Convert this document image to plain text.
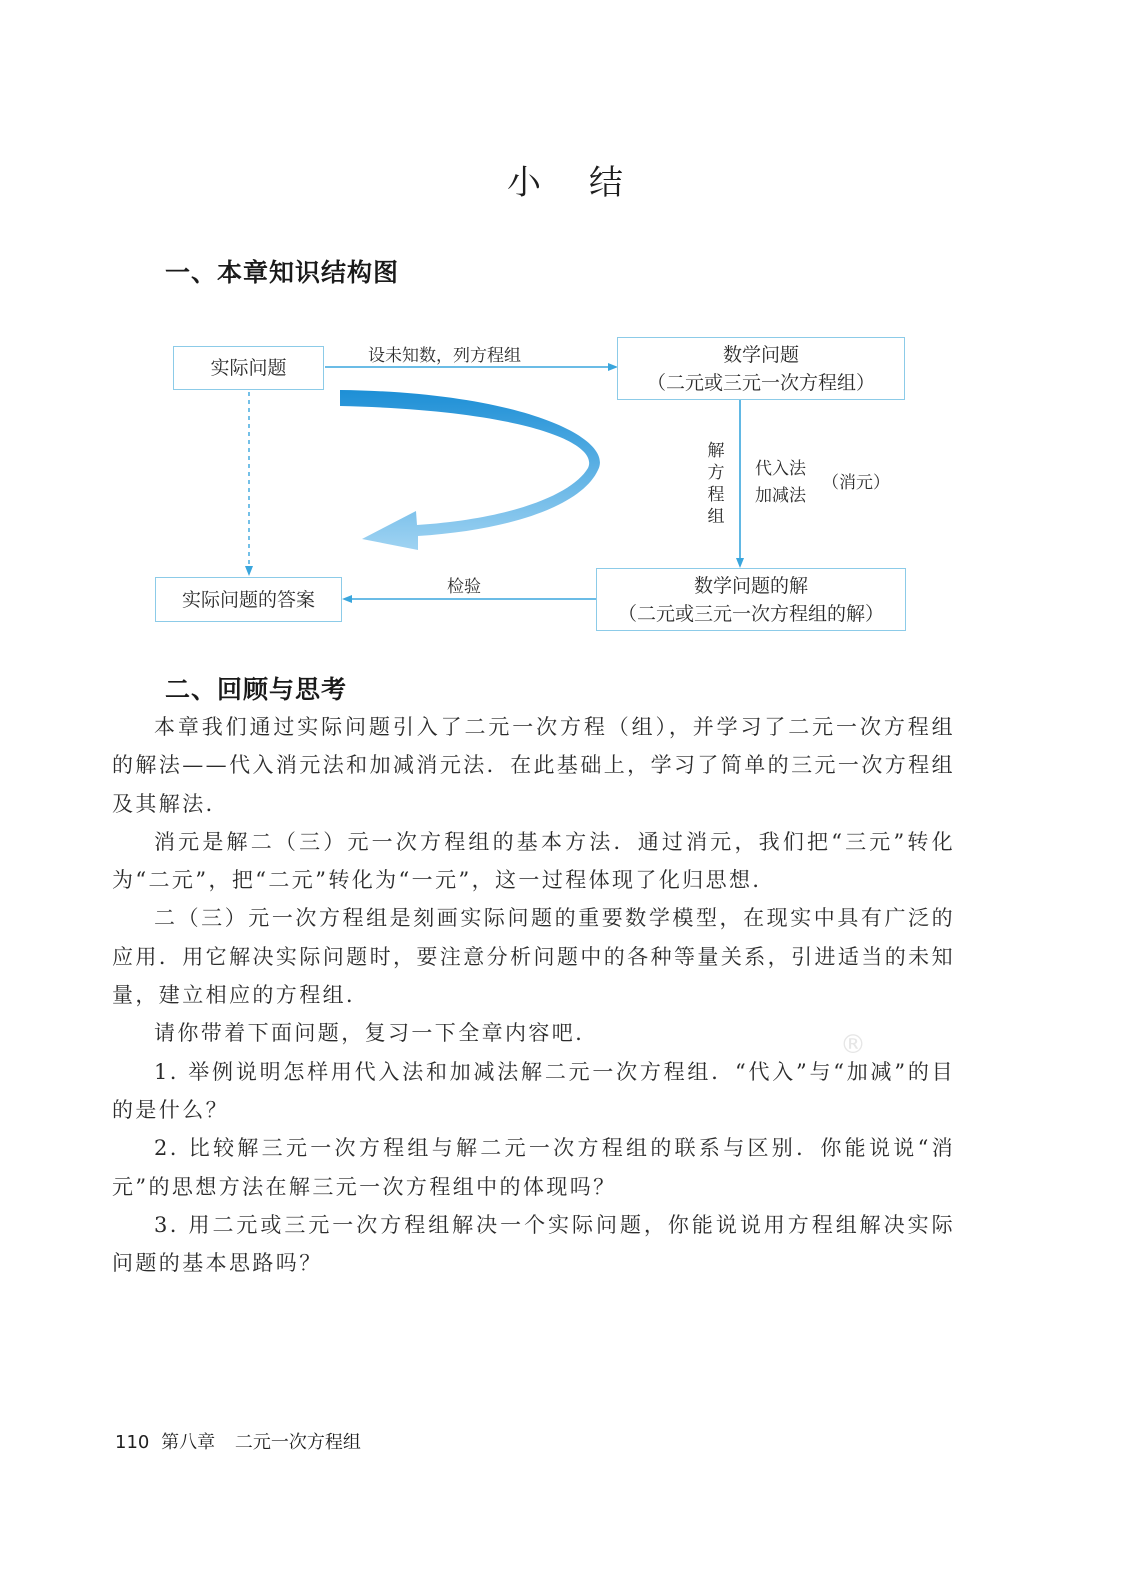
小结
一、本章知识结构图
实际问题
设未知数，列方程组	数学问题
（二元或三元一次方程组）
解
方
程
组
代入法
加减法
（消元）
数学问题的解
（二元或三元一次方程组的解）
检验
实际问题的答案
二、回顾与思考

本章我们通过实际问题引入了二元一次方程（组），并学习了二元一次方程组的解法——代入消元法和加减消元法．在此基础上，学习了简单的三元一次方程组及其解法．

消元是解二（三）元一次方程组的基本方法．通过消元，我们把“三元”转化为“二元”，把“二元”转化为“一元”，这一过程体现了化归思想．

二（三）元一次方程组是刻画实际问题的重要数学模型，在现实中具有广泛的应用．用它解决实际问题时，要注意分析问题中的各种等量关系，引进适当的未知量，建立相应的方程组．

请你带着下面问题，复习一下全章内容吧．

1. 举例说明怎样用代入法和加减法解二元一次方程组．“代入”与“加减”的目的是什么？

2. 比较解三元一次方程组与解二元一次方程组的联系与区别．你能说说“消元”的思想方法在解三元一次方程组中的体现吗？

3. 用二元或三元一次方程组解决一个实际问题，你能说说用方程组解决实际问题的基本思路吗？

®
110 第八章 二元一次方程组
